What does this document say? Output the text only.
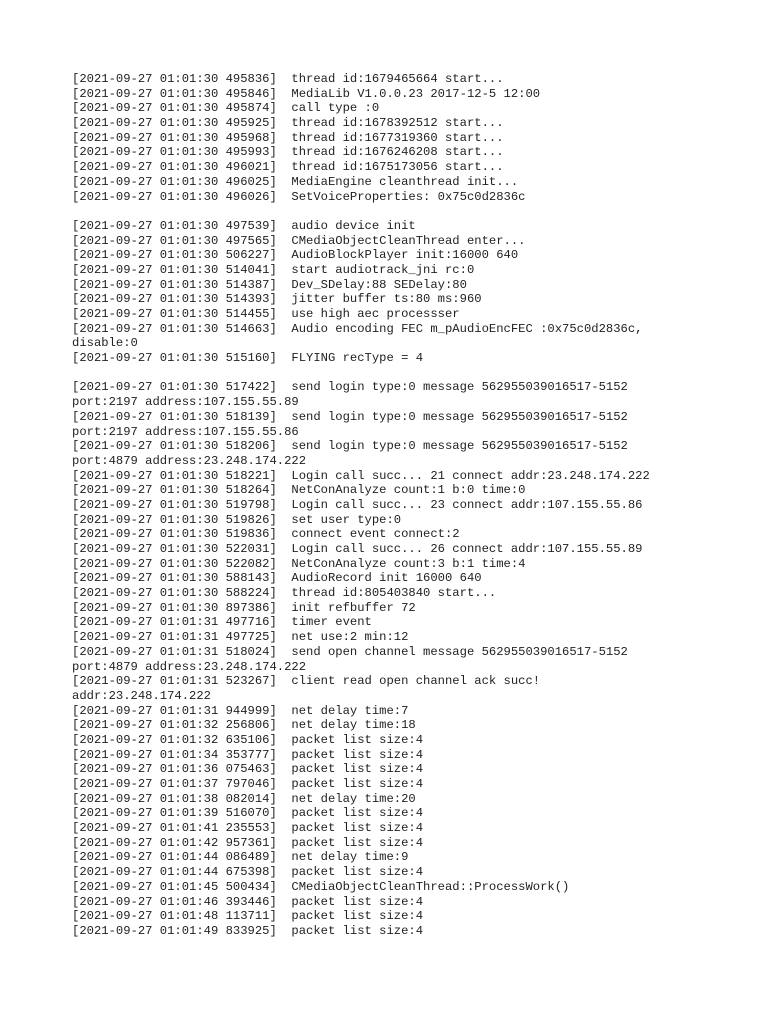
[2021-09-27 01:01:30 495836]  thread id:1679465664 start...
[2021-09-27 01:01:30 495846]  MediaLib V1.0.0.23 2017-12-5 12:00
[2021-09-27 01:01:30 495874]  call type :0
[2021-09-27 01:01:30 495925]  thread id:1678392512 start...
[2021-09-27 01:01:30 495968]  thread id:1677319360 start...
[2021-09-27 01:01:30 495993]  thread id:1676246208 start...
[2021-09-27 01:01:30 496021]  thread id:1675173056 start...
[2021-09-27 01:01:30 496025]  MediaEngine cleanthread init...
[2021-09-27 01:01:30 496026]  SetVoiceProperties: 0x75c0d2836c
[2021-09-27 01:01:30 497539]  audio device init
[2021-09-27 01:01:30 497565]  CMediaObjectCleanThread enter...
[2021-09-27 01:01:30 506227]  AudioBlockPlayer init:16000 640
[2021-09-27 01:01:30 514041]  start audiotrack_jni rc:0
[2021-09-27 01:01:30 514387]  Dev_SDelay:88 SEDelay:80
[2021-09-27 01:01:30 514393]  jitter buffer ts:80 ms:960
[2021-09-27 01:01:30 514455]  use high aec processser
[2021-09-27 01:01:30 514663]  Audio encoding FEC m_pAudioEncFEC :0x75c0d2836c,
disable:0
[2021-09-27 01:01:30 515160]  FLYING recType = 4
[2021-09-27 01:01:30 517422]  send login type:0 message 562955039016517-5152
port:2197 address:107.155.55.89
[2021-09-27 01:01:30 518139]  send login type:0 message 562955039016517-5152
port:2197 address:107.155.55.86
[2021-09-27 01:01:30 518206]  send login type:0 message 562955039016517-5152
port:4879 address:23.248.174.222
[2021-09-27 01:01:30 518221]  Login call succ... 21 connect addr:23.248.174.222
[2021-09-27 01:01:30 518264]  NetConAnalyze count:1 b:0 time:0
[2021-09-27 01:01:30 519798]  Login call succ... 23 connect addr:107.155.55.86
[2021-09-27 01:01:30 519826]  set user type:0
[2021-09-27 01:01:30 519836]  connect event connect:2
[2021-09-27 01:01:30 522031]  Login call succ... 26 connect addr:107.155.55.89
[2021-09-27 01:01:30 522082]  NetConAnalyze count:3 b:1 time:4
[2021-09-27 01:01:30 588143]  AudioRecord init 16000 640
[2021-09-27 01:01:30 588224]  thread id:805403840 start...
[2021-09-27 01:01:30 897386]  init refbuffer 72
[2021-09-27 01:01:31 497716]  timer event
[2021-09-27 01:01:31 497725]  net use:2 min:12
[2021-09-27 01:01:31 518024]  send open channel message 562955039016517-5152
port:4879 address:23.248.174.222
[2021-09-27 01:01:31 523267]  client read open channel ack succ!
addr:23.248.174.222
[2021-09-27 01:01:31 944999]  net delay time:7
[2021-09-27 01:01:32 256806]  net delay time:18
[2021-09-27 01:01:32 635106]  packet list size:4
[2021-09-27 01:01:34 353777]  packet list size:4
[2021-09-27 01:01:36 075463]  packet list size:4
[2021-09-27 01:01:37 797046]  packet list size:4
[2021-09-27 01:01:38 082014]  net delay time:20
[2021-09-27 01:01:39 516070]  packet list size:4
[2021-09-27 01:01:41 235553]  packet list size:4
[2021-09-27 01:01:42 957361]  packet list size:4
[2021-09-27 01:01:44 086489]  net delay time:9
[2021-09-27 01:01:44 675398]  packet list size:4
[2021-09-27 01:01:45 500434]  CMediaObjectCleanThread::ProcessWork()
[2021-09-27 01:01:46 393446]  packet list size:4
[2021-09-27 01:01:48 113711]  packet list size:4
[2021-09-27 01:01:49 833925]  packet list size:4
